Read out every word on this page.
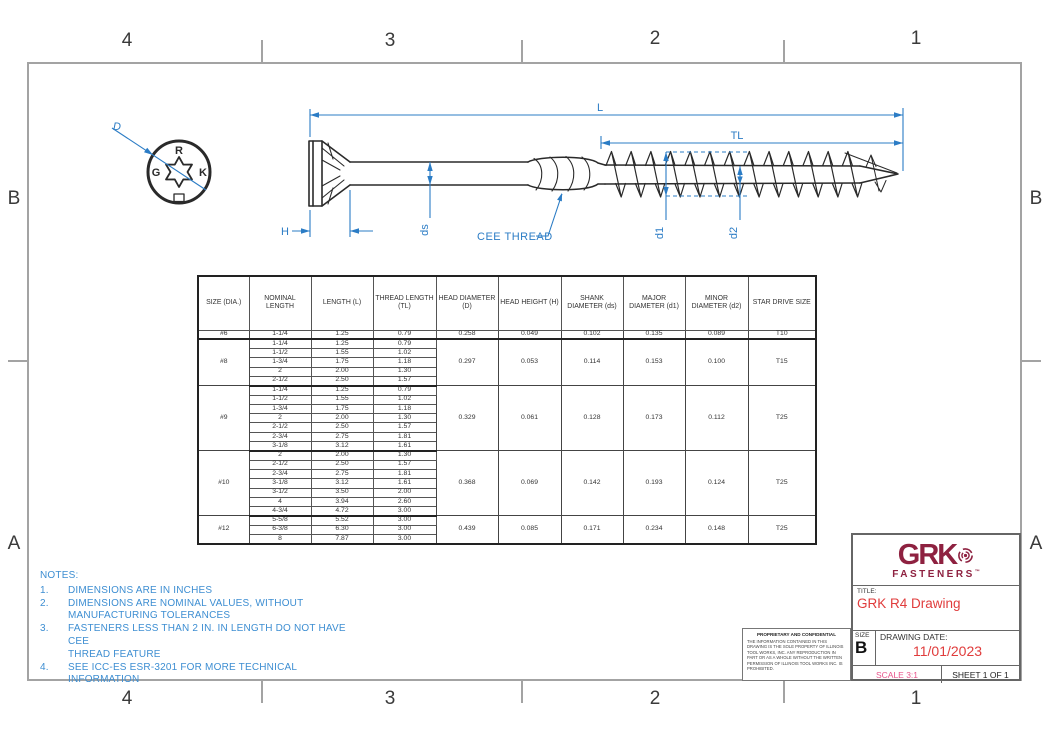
4	3	2	1
4	3	2	1
B
A
B
A
R
G	K
D
L
TL
H	ds	d1	d2
CEE THREAD
SIZE (DIA.)	NOMINAL LENGTH	LENGTH (L)	THREAD LENGTH (TL)	HEAD DIAMETER (D)	HEAD HEIGHT (H)	SHANK DIAMETER (ds)	MAJOR DIAMETER (d1)	MINOR DIAMETER (d2)	STAR DRIVE SIZE
#6	1-1/4	1.25	0.79	0.258	0.049	0.102	0.135	0.089	T10
#8	1-1/4	1.25	0.79	0.297	0.053	0.114	0.153	0.100	T15
	1-1/2	1.55	1.02						
	1-3/4	1.75	1.18						
	2	2.00	1.30						
	2-1/2	2.50	1.57						
#9	1-1/4	1.25	0.79	0.329	0.061	0.128	0.173	0.112	T25
	1-1/2	1.55	1.02						
	1-3/4	1.75	1.18						
	2	2.00	1.30						
	2-1/2	2.50	1.57						
	2-3/4	2.75	1.81						
	3-1/8	3.12	1.61						
#10	2	2.00	1.30	0.368	0.069	0.142	0.193	0.124	T25
	2-1/2	2.50	1.57						
	2-3/4	2.75	1.81						
	3-1/8	3.12	1.61						
	3-1/2	3.50	2.00						
	4	3.94	2.60						
	4-3/4	4.72	3.00						
#12	5-5/8	5.52	3.00	0.439	0.085	0.171	0.234	0.148	T25
	6-3/8	6.30	3.00						
	8	7.87	3.00						
NOTES:
1.	DIMENSIONS ARE IN INCHES
2.	DIMENSIONS ARE NOMINAL VALUES, WITHOUT
MANUFACTURING TOLERANCES
3.	FASTENERS LESS THAN 2 IN. IN LENGTH DO NOT HAVE CEE
THREAD FEATURE
4.	SEE ICC-ES ESR-3201 FOR MORE TECHNICAL
INFORMATION
PROPRIETARY AND CONFIDENTIAL
THE INFORMATION CONTAINED IN THIS DRAWING IS THE SOLE PROPERTY OF ILLINOIS TOOL WORKS, INC. ANY REPRODUCTION IN PART OR AS A WHOLE WITHOUT THE WRITTEN PERMISSION OF ILLINOIS TOOL WORKS INC. IS PROHIBITED.
GRK
FASTENERS™
TITLE:
GRK R4 Drawing
SIZE
B
DRAWING DATE:
11/01/2023
SCALE 3:1	SHEET 1 OF 1
